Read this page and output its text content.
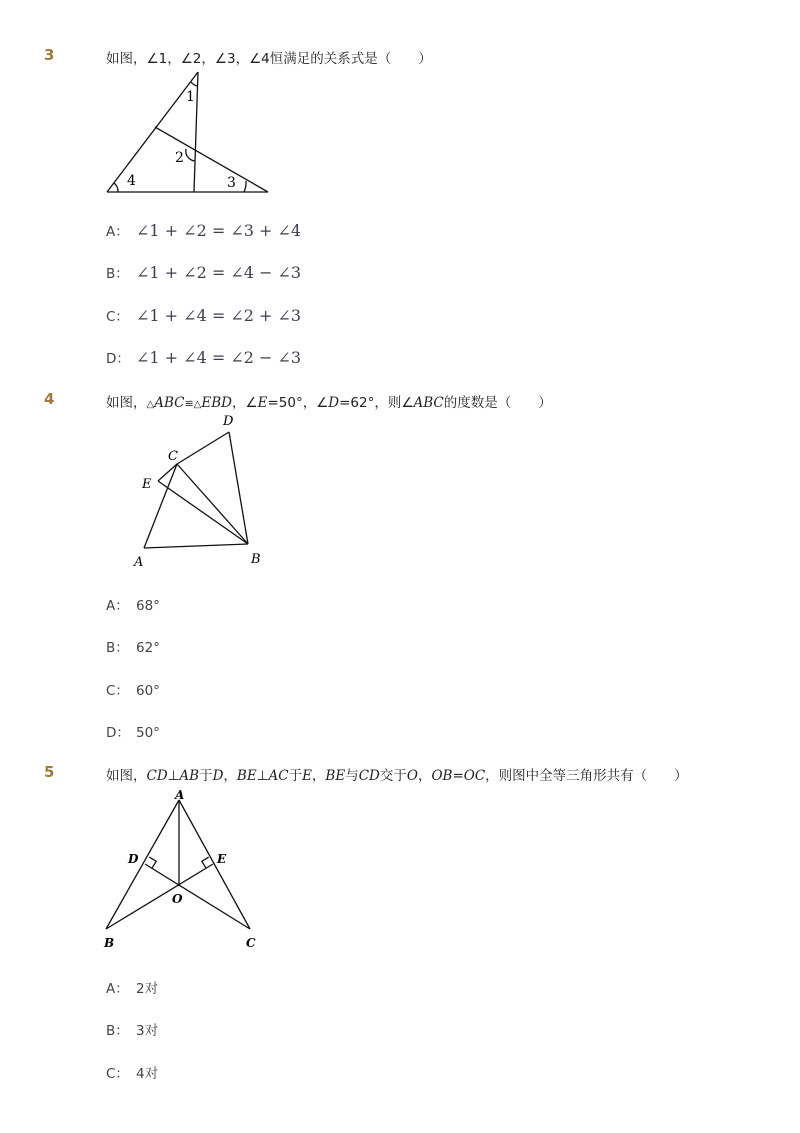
3	如图，∠1，∠2，∠3，∠4恒满足的关系式是（　　）
1
2
3
4
A： ∠1 + ∠2 = ∠3 + ∠4
B： ∠1 + ∠2 = ∠4 − ∠3
C： ∠1 + ∠4 = ∠2 + ∠3
D： ∠1 + ∠4 = ∠2 − ∠3
4	如图，△ABC≌△EBD，∠E=50°，∠D=62°，则∠ABC的度数是（　　）
D
C
E
A	B
A： 68°
B： 62°
C： 60°
D： 50°
5	如图，CD⊥AB于D，BE⊥AC于E，BE与CD交于O，OB=OC，则图中全等三角形共有（　　）
A
D	E
O
B	C
A： 2对
B： 3对
C： 4对
